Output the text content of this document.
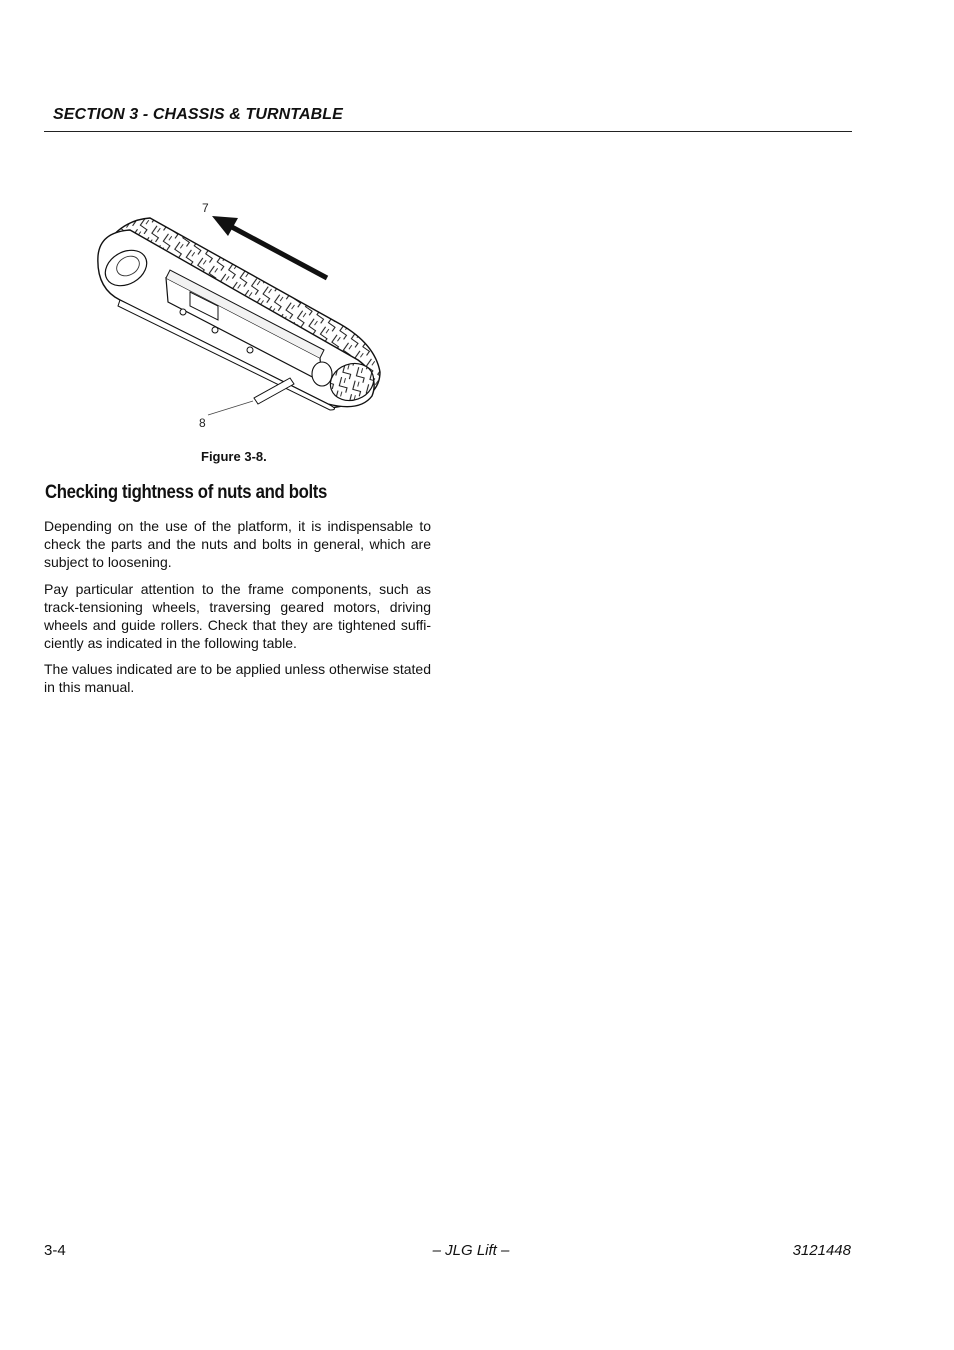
SECTION 3 - CHASSIS & TURNTABLE
7
8
Figure 3-8.
Checking tightness of nuts and bolts

Depending on the use of the platform, it is indispensable to check the parts and the nuts and bolts in general, which are subject to loosening.

Pay particular attention to the frame components, such as track-tensioning wheels, traversing geared motors, driving wheels and guide rollers. Check that they are tightened suffi-ciently as indicated in the following table.

The values indicated are to be applied unless otherwise stated in this manual.

3-4	– JLG Lift –	3121448
